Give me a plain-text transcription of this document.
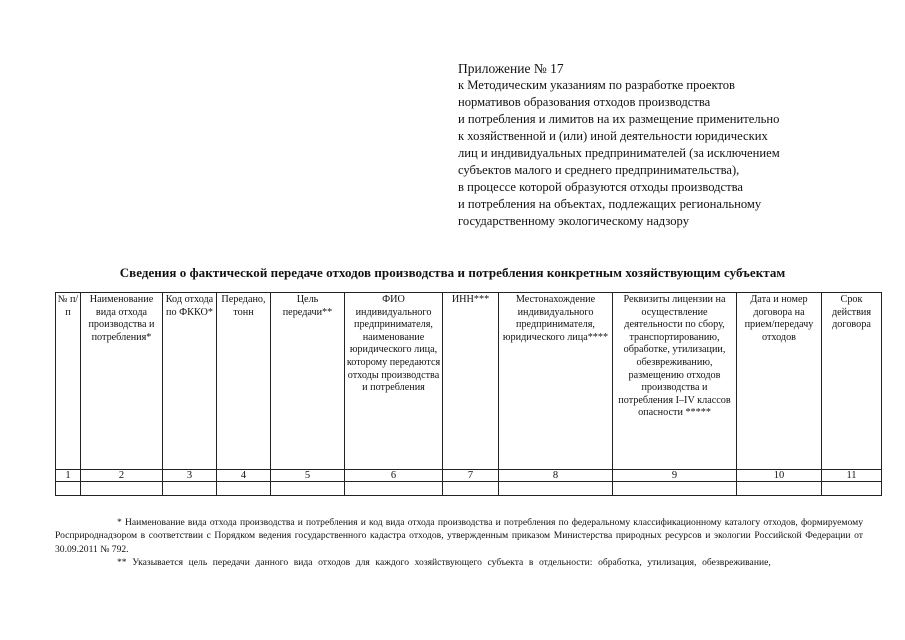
Приложение № 17
к Методическим указаниям по разработке проектов
нормативов образования отходов производства
и потребления и лимитов на их размещение применительно
к хозяйственной и (или) иной деятельности юридических
лиц и индивидуальных предпринимателей (за исключением
субъектов малого и среднего предпринимательства),
в процессе которой образуются отходы производства
и потребления на объектах, подлежащих региональному
государственному экологическому надзору
Сведения о фактической передаче отходов производства и потребления конкретным хозяйствующим субъектам
№ п/п	Наименование вида отхода производства и потребления*	Код отхода по ФККО*	Передано, тонн	Цель передачи**	ФИО индивидуального предпринимателя, наименование юридического лица, которому передаются отходы производства и потребления	ИНН***	Местонахождение индивидуального предпринимателя, юридического лица****	Реквизиты лицензии на осуществление деятельности по сбору, транспортированию, обработке, утилизации, обезвреживанию, размещению отходов производства и потребления I–IV классов опасности *****	Дата и номер договора на прием/передачу отходов	Срок действия договора
1	2	3	4	5	6	7	8	9	10	11

* Наименование вида отхода производства и потребления и код вида отхода производства и потребления по федеральному классификационному каталогу отходов, формируемому Росприроднадзором в соответствии с Порядком ведения государственного кадастра отходов, утвержденным приказом Министерства природных ресурсов и экологии Российской Федерации от 30.09.2011 № 792.

** Указывается цель передачи данного вида отходов для каждого хозяйствующего субъекта в отдельности: обработка, утилизация, обезвреживание,
